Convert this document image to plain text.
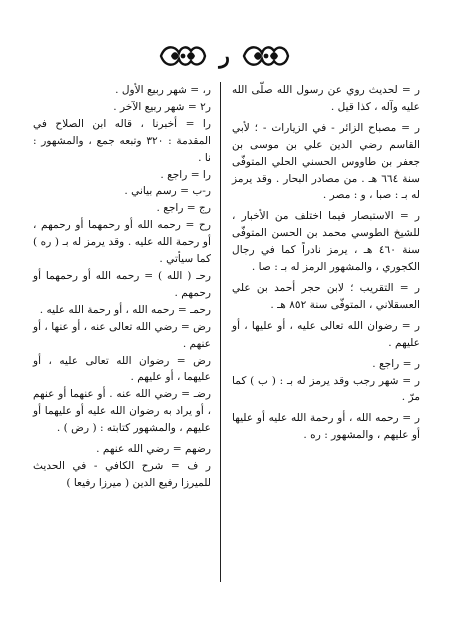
ر

ر = لحديث روي عن رسول الله صلّى الله عليه وآله ، كذا قيل .

ر = مصباح الزائر - في الزيارات - ؛ لأبي القاسم رضي الدين علي بن موسى بن جعفر بن طاووس الحسني الحلي المتوفّى سنة ٦٦٤ هـ . من مصادر البحار . وقد يرمز له بـ : صبا ، و : مصر .

ر = الاستبصار فيما اختلف من الأخبار ، للشيخ الطوسي محمد بن الحسن المتوفّى سنة ٤٦٠ هـ ، يرمز نادراً كما في رجال الكجوري ، والمشهور الرمز له بـ : صا .

ر = التقريب ؛ لابن حجر أحمد بن علي العسقلاني ، المتوفّى سنة ٨٥٢ هـ .

ر = رضوان الله تعالى عليه ، أو عليها ، أو عليهم .

ر = راجع .

ر = شهر رجب وقد يرمز له بـ : ( ب ) كما مرّ .

ر = رحمه الله ، أو رحمة الله عليه أو عليها أو عليهم ، والمشهور : ره .

ر، = شهر ربيع الأول .

ر٢ = شهر ربيع الآخر .

را = أخبرنا ، قاله ابن الصلاح في المقدمة : ٣٢٠ وتبعه جمع ، والمشهور : نا .

را = راجع .

ر-ب = رسم بياني .

رج = راجع .

رح = رحمه الله أو رحمهما أو رحمهم ، أو رحمة الله عليه . وقد يرمز له بـ ( ره ) كما سيأتي .

رحـ ( الله ) = رحمه الله أو رحمهما أو رحمهم .

رحمـ = رحمه الله ، أو رحمة الله عليه .

رض = رضي الله تعالى عنه ، أو عنها ، أو عنهم .

رض = رضوان الله تعالى عليه ، أو عليهما ، أو عليهم .

رضـ = رضي الله عنه . أو عنهما أو عنهم ، أو يراد به رضوان الله عليه أو عليهما أو عليهم ، والمشهور كتابته : ( رض ) .

رضهم = رضي الله عنهم .

ر ف = شرح الكافي - في الحديث للميرزا رفيع الدين ( ميرزا رفيعا )
